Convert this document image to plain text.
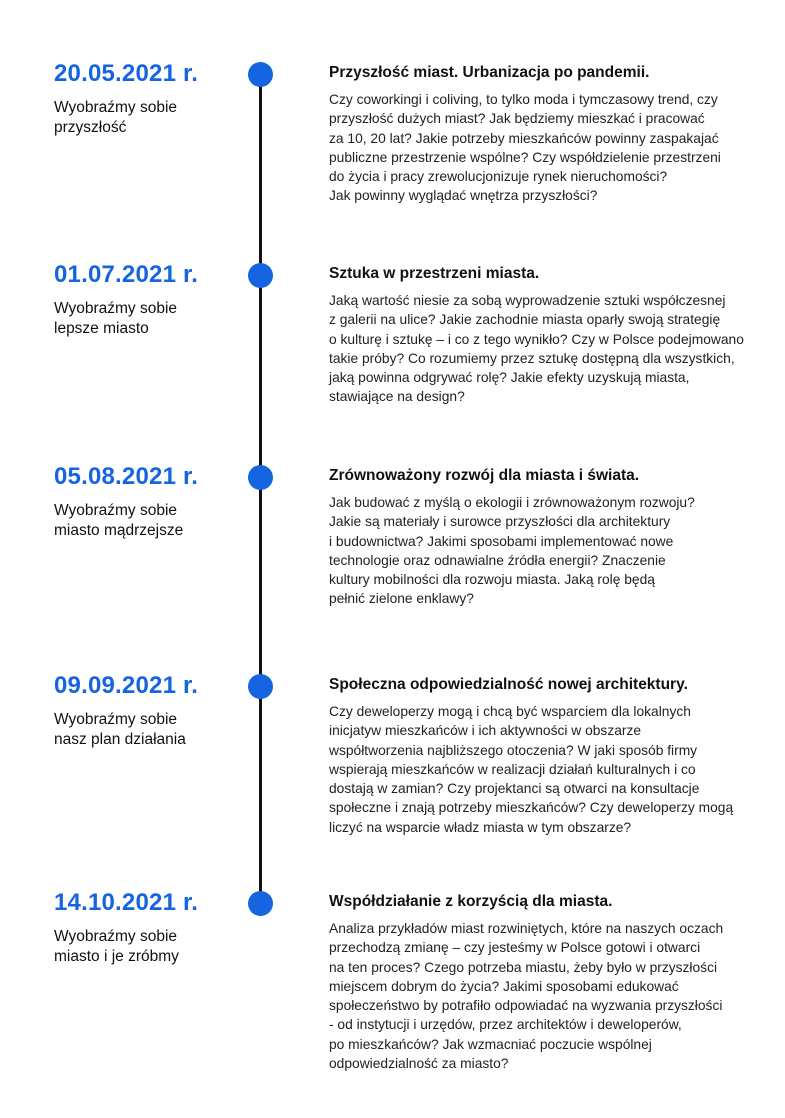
20.05.2021 r.
Wyobraźmy sobie
przyszłość
Przyszłość miast. Urbanizacja po pandemii.
Czy coworkingi i coliving, to tylko moda i tymczasowy trend, czy
przyszłość dużych miast? Jak będziemy mieszkać i pracować
za 10, 20 lat? Jakie potrzeby mieszkańców powinny zaspakajać
publiczne przestrzenie wspólne? Czy współdzielenie przestrzeni
do życia i pracy zrewolucjonizuje rynek nieruchomości?
Jak powinny wyglądać wnętrza przyszłości?
01.07.2021 r.
Wyobraźmy sobie
lepsze miasto
Sztuka w przestrzeni miasta.
Jaką wartość niesie za sobą wyprowadzenie sztuki współczesnej
z galerii na ulice? Jakie zachodnie miasta oparły swoją strategię
o kulturę i sztukę – i co z tego wynikło? Czy w Polsce podejmowano
takie próby? Co rozumiemy przez sztukę dostępną dla wszystkich,
jaką powinna odgrywać rolę? Jakie efekty uzyskują miasta,
stawiające na design?
05.08.2021 r.
Wyobraźmy sobie
miasto mądrzejsze
Zrównoważony rozwój dla miasta i świata.
Jak budować z myślą o ekologii i zrównoważonym rozwoju?
Jakie są materiały i surowce przyszłości dla architektury
i budownictwa? Jakimi sposobami implementować nowe
technologie oraz odnawialne źródła energii? Znaczenie
kultury mobilności dla rozwoju miasta. Jaką rolę będą
pełnić zielone enklawy?
09.09.2021 r.
Wyobraźmy sobie
nasz plan działania
Społeczna odpowiedzialność nowej architektury.
Czy deweloperzy mogą i chcą być wsparciem dla lokalnych
inicjatyw mieszkańców i ich aktywności w obszarze
współtworzenia najbliższego otoczenia? W jaki sposób firmy
wspierają mieszkańców w realizacji działań kulturalnych i co
dostają w zamian? Czy projektanci są otwarci na konsultacje
społeczne i znają potrzeby mieszkańców? Czy deweloperzy mogą
liczyć na wsparcie władz miasta w tym obszarze?
14.10.2021 r.
Wyobraźmy sobie
miasto i je zróbmy
Współdziałanie z korzyścią dla miasta.
Analiza przykładów miast rozwiniętych, które na naszych oczach
przechodzą zmianę – czy jesteśmy w Polsce gotowi i otwarci
na ten proces? Czego potrzeba miastu, żeby było w przyszłości
miejscem dobrym do życia? Jakimi sposobami edukować
społeczeństwo by potrafiło odpowiadać na wyzwania przyszłości
- od instytucji i urzędów, przez architektów i deweloperów,
po mieszkańców? Jak wzmacniać poczucie wspólnej
odpowiedzialność za miasto?
